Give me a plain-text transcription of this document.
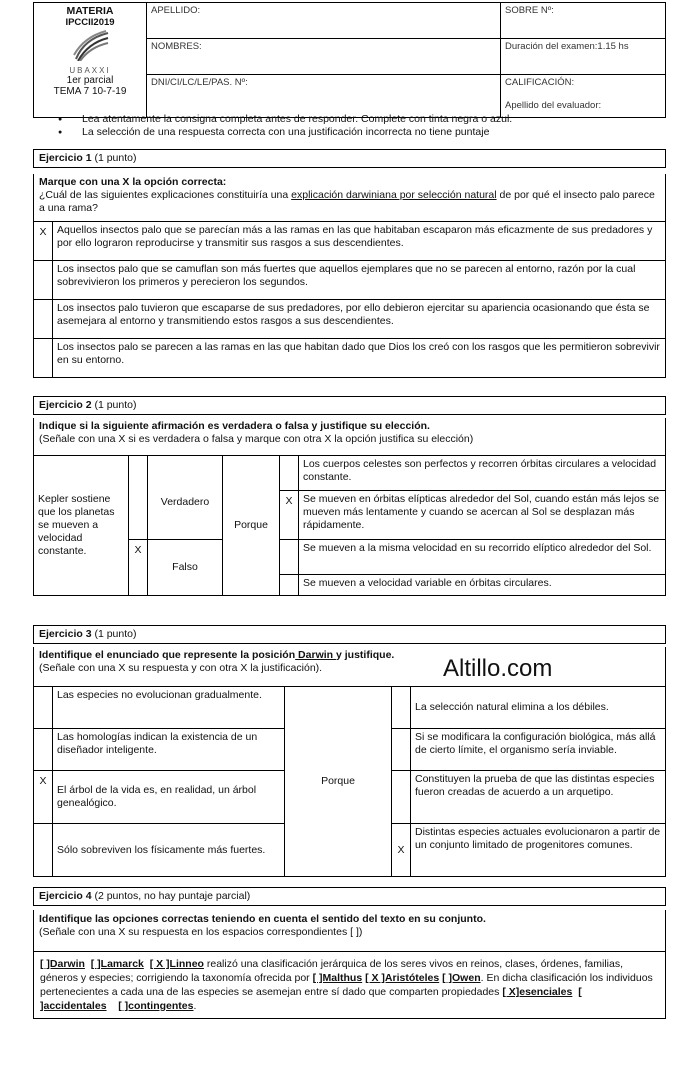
MATERIA
IPCCII2019
UBAXXI
1er parcial
TEMA 7 10-7-19	APELLIDO:	SOBRE Nº:
	NOMBRES:	Duración del examen:1.15 hs
	DNI/CI/LC/LE/PAS. Nº:	CALIFICACIÓN:
Apellido del evaluador:
● Lea atentamente la consigna completa antes de responder. Complete con tinta negra o azul.
● La selección de una respuesta correcta con una justificación incorrecta no tiene puntaje
Ejercicio 1 (1 punto)
Marque con una X la opción correcta:
¿Cuál de las siguientes explicaciones constituiría una explicación darwiniana por selección natural de por qué el insecto palo parece a una rama?
X	Aquellos insectos palo que se parecían más a las ramas en las que habitaban escaparon más eficazmente de sus predadores y por ello lograron reproducirse y transmitir sus rasgos a sus descendientes.
	Los insectos palo que se camuflan son más fuertes que aquellos ejemplares que no se parecen al entorno, razón por la cual sobrevivieron los primeros y perecieron los segundos.
	Los insectos palo tuvieron que escaparse de sus predadores, por ello debieron ejercitar su apariencia ocasionando que ésta se asemejara al entorno y transmitiendo estos rasgos a sus descendientes.
	Los insectos palo se parecen a las ramas en las que habitan dado que Dios los creó con los rasgos que les permitieron sobrevivir en su entorno.
Ejercicio 2 (1 punto)
Indique si la siguiente afirmación es verdadera o falsa y justifique su elección.
(Señale con una X si es verdadera o falsa y marque con otra X la opción justifica su elección)
Kepler sostiene que los planetas se mueven a velocidad constante.		Verdadero	Porque		Los cuerpos celestes son perfectos y recorren órbitas circulares a velocidad constante.
				X	Se mueven en órbitas elípticas alrededor del Sol, cuando están más lejos se mueven más lentamente y cuando se acercan al Sol se desplazan más rápidamente.
	X	Falso			Se mueven a la misma velocidad en su recorrido elíptico alrededor del Sol.
					Se mueven a velocidad variable en órbitas circulares.
Ejercicio 3 (1 punto)
Identifique el enunciado que represente la posición Darwin y justifique.
(Señale con una X su respuesta y con otra X la justificación).	Altillo.com
	Las especies no evolucionan gradualmente.	Porque		La selección natural elimina a los débiles.
	Las homologías indican la existencia de un diseñador inteligente.			Si se modificara la configuración biológica, más allá de cierto límite, el organismo sería inviable.
X	El árbol de la vida es, en realidad, un árbol genealógico.			Constituyen la prueba de que las distintas especies fueron creadas de acuerdo a un arquetipo.
	Sólo sobreviven los físicamente más fuertes.		X	Distintas especies actuales evolucionaron a partir de un conjunto limitado de progenitores comunes.
Ejercicio 4 (2 puntos, no hay puntaje parcial)
Identifique las opciones correctas teniendo en cuenta el sentido del texto en su conjunto.
(Señale con una X su respuesta en los espacios correspondientes [ ])
[ ]Darwin [ ]Lamarck [ X ]Linneo realizó una clasificación jerárquica de los seres vivos en reinos, clases, órdenes, familias, géneros y especies; corrigiendo la taxonomía ofrecida por [ ]Malthus [ X ]Aristóteles [ ]Owen. En dicha clasificación los individuos pertenecientes a cada una de las especies se asemejan entre sí dado que comparten propiedades [ X]esenciales [ ]accidentales [ ]contingentes.
